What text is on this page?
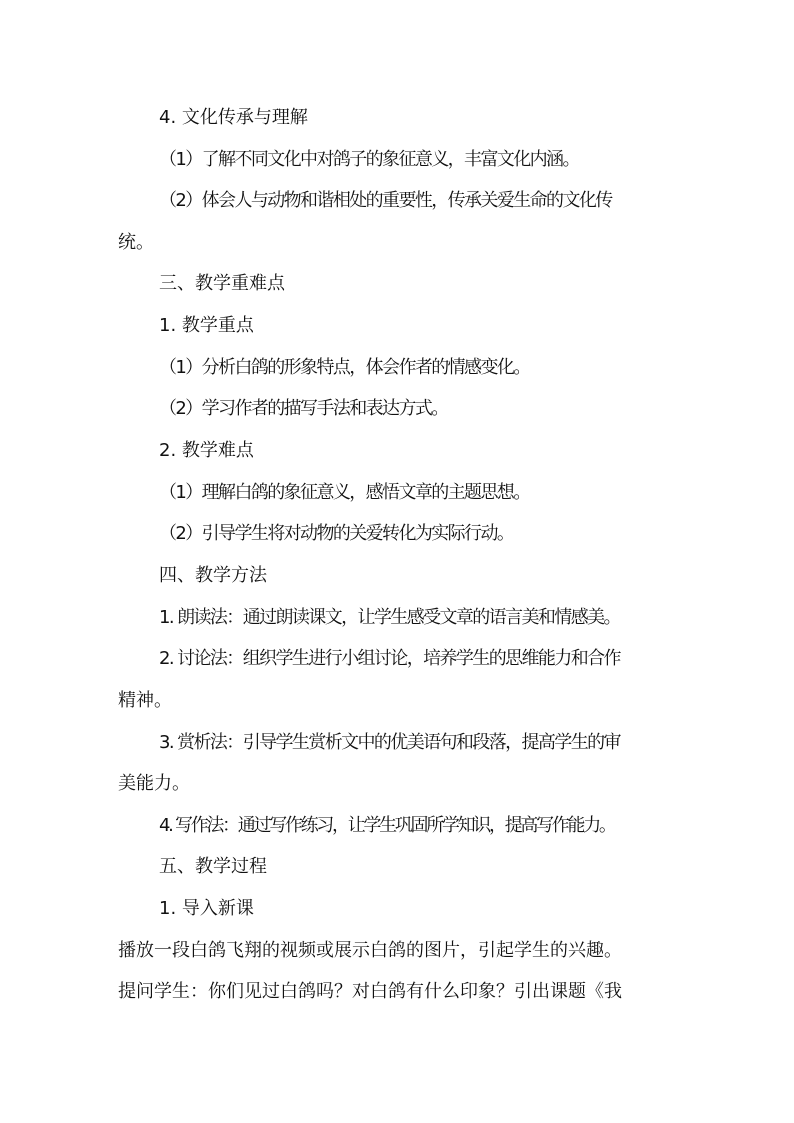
4. 文化传承与理解

（1）了解不同文化中对鸽子的象征意义，丰富文化内涵。

（2）体会人与动物和谐相处的重要性，传承关爱生命的文化传

统。

三、教学重难点

1. 教学重点

（1）分析白鸽的形象特点，体会作者的情感变化。

（2）学习作者的描写手法和表达方式。

2. 教学难点

（1）理解白鸽的象征意义，感悟文章的主题思想。

（2）引导学生将对动物的关爱转化为实际行动。

四、教学方法

1. 朗读法：通过朗读课文，让学生感受文章的语言美和情感美。

2. 讨论法：组织学生进行小组讨论，培养学生的思维能力和合作

精神。

3. 赏析法：引导学生赏析文中的优美语句和段落，提高学生的审

美能力。

4. 写作法：通过写作练习，让学生巩固所学知识，提高写作能力。

五、教学过程

1. 导入新课

播放一段白鸽飞翔的视频或展示白鸽的图片，引起学生的兴趣。

提问学生：你们见过白鸽吗？对白鸽有什么印象？引出课题《我
